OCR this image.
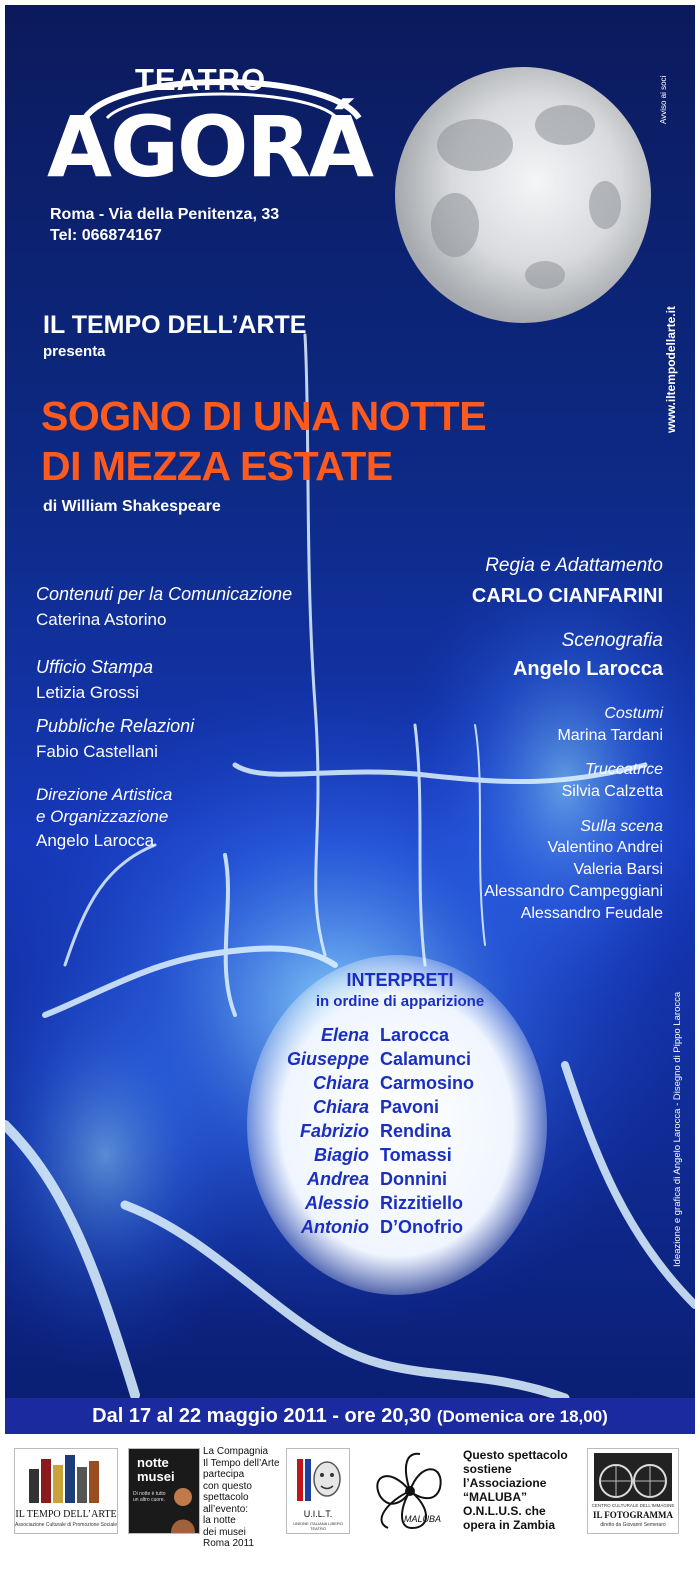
TEATRO
AGORÁ
Roma - Via della Penitenza, 33
Tel: 066874167
Avviso ai soci
www.iltempodellarte.it
Ideazione e grafica di Angelo Larocca - Disegno di Pippo Larocca
IL TEMPO DELL’ARTE
presenta
SOGNO DI UNA NOTTE
DI MEZZA ESTATE
di William Shakespeare
Contenuti per la Comunicazione
Caterina Astorino
Ufficio Stampa
Letizia Grossi
Pubbliche Relazioni
Fabio Castellani
Direzione Artistica
e Organizzazione
Angelo Larocca
Regia e Adattamento
CARLO CIANFARINI
Scenografia
Angelo Larocca
Costumi
Marina Tardani
Truccatrice
Silvia Calzetta
Sulla scena
Valentino Andrei
Valeria Barsi
Alessandro Campeggiani
Alessandro Feudale
INTERPRETI
in ordine di apparizione
Elena Larocca
Giuseppe Calamunci
Chiara Carmosino
Chiara Pavoni
Fabrizio Rendina
Biagio Tomassi
Andrea Donnini
Alessio Rizzitiello
Antonio D’Onofrio
Dal 17 al 22 maggio 2011 - ore 20,30 (Domenica ore 18,00)
IL TEMPO DELL’ARTE
Associazione Culturale di Promozione Sociale
notte
musei
Di notte è tutto un altro cuore.
La Compagnia
Il Tempo dell’Arte
partecipa
con questo
spettacolo
all’evento:
la notte
dei musei
Roma 2011
U.I.L.T.
UNIONE ITALIANA LIBERO TEATRO
MALUBA
Questo spettacolo
sostiene
l’Associazione
“MALUBA”
O.N.L.U.S. che
opera in Zambia
CENTRO CULTURALE DELL’IMMAGINE
IL FOTOGRAMMA
diretto da Giovanni Semeraro
